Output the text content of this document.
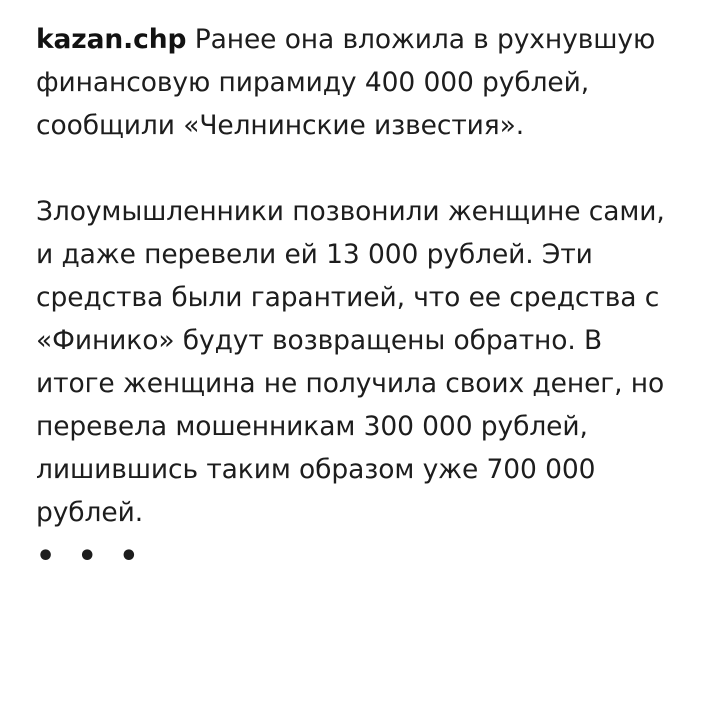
kazan.chp Ранее она вложила в рухнувшую финансовую пирамиду 400 000 рублей, сообщили «Челнинские известия».

Злоумышленники позвонили женщине сами, и даже перевели ей 13 000 рублей. Эти средства были гарантией, что ее средства с «Финико» будут возвращены обратно. В итоге женщина не получила своих денег, но перевела мошенникам 300 000 рублей, лишившись таким образом уже 700 000 рублей.

• • •
